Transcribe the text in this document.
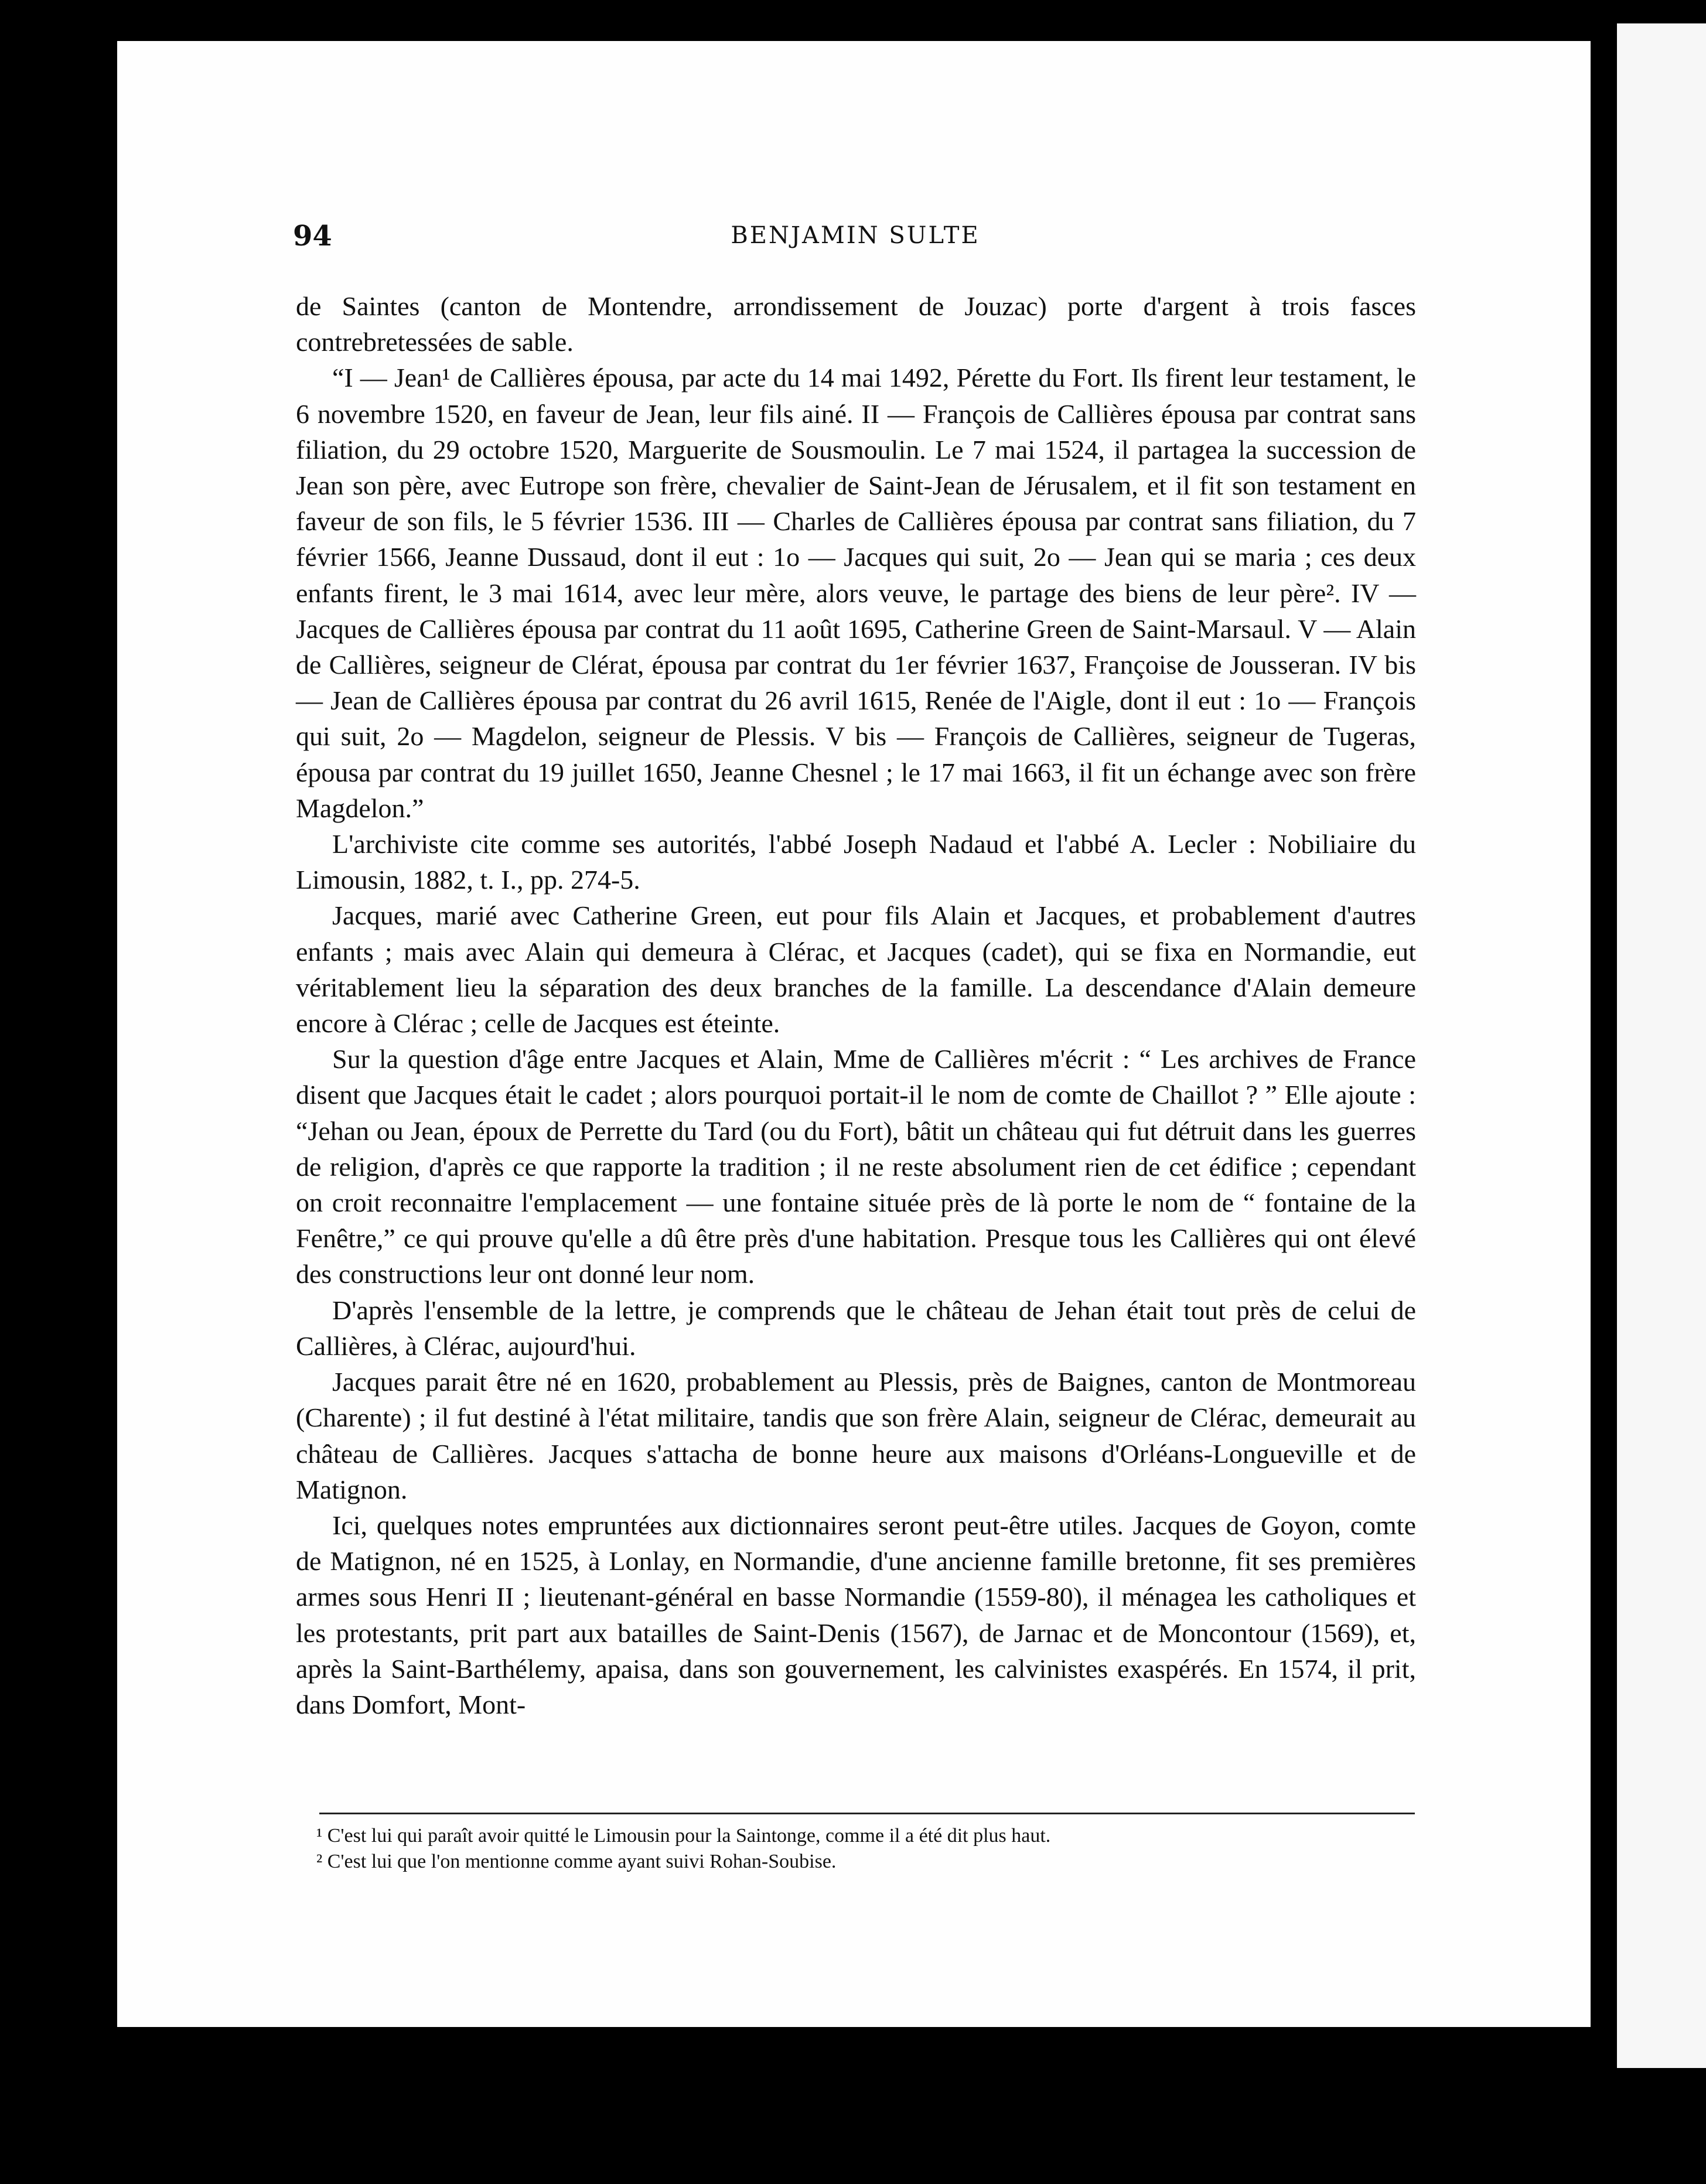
94	BENJAMIN SULTE

de Saintes (canton de Montendre, arrondissement de Jouzac) porte d'argent à trois fasces contrebretessées de sable.

“I — Jean¹ de Callières épousa, par acte du 14 mai 1492, Pérette du Fort. Ils firent leur testament, le 6 novembre 1520, en faveur de Jean, leur fils ainé. II — François de Callières épousa par contrat sans filiation, du 29 octobre 1520, Marguerite de Sousmoulin. Le 7 mai 1524, il partagea la succession de Jean son père, avec Eutrope son frère, chevalier de Saint-Jean de Jérusalem, et il fit son testament en faveur de son fils, le 5 février 1536. III — Charles de Callières épousa par contrat sans filiation, du 7 février 1566, Jeanne Dussaud, dont il eut : 1o — Jacques qui suit, 2o — Jean qui se maria ; ces deux enfants firent, le 3 mai 1614, avec leur mère, alors veuve, le partage des biens de leur père². IV — Jacques de Callières épousa par contrat du 11 août 1695, Catherine Green de Saint-Marsaul. V — Alain de Callières, seigneur de Clérat, épousa par contrat du 1er février 1637, Françoise de Jousseran. IV bis — Jean de Callières épousa par contrat du 26 avril 1615, Renée de l'Aigle, dont il eut : 1o — François qui suit, 2o — Magdelon, seigneur de Plessis. V bis — François de Callières, seigneur de Tugeras, épousa par contrat du 19 juillet 1650, Jeanne Chesnel ; le 17 mai 1663, il fit un échange avec son frère Magdelon.”

L'archiviste cite comme ses autorités, l'abbé Joseph Nadaud et l'abbé A. Lecler : Nobiliaire du Limousin, 1882, t. I., pp. 274-5.

Jacques, marié avec Catherine Green, eut pour fils Alain et Jacques, et probablement d'autres enfants ; mais avec Alain qui demeura à Clérac, et Jacques (cadet), qui se fixa en Normandie, eut véritablement lieu la séparation des deux branches de la famille. La descendance d'Alain demeure encore à Clérac ; celle de Jacques est éteinte.

Sur la question d'âge entre Jacques et Alain, Mme de Callières m'écrit : “ Les archives de France disent que Jacques était le cadet ; alors pourquoi portait-il le nom de comte de Chaillot ? ” Elle ajoute : “Jehan ou Jean, époux de Perrette du Tard (ou du Fort), bâtit un château qui fut détruit dans les guerres de religion, d'après ce que rapporte la tradition ; il ne reste absolument rien de cet édifice ; cependant on croit reconnaitre l'emplacement — une fontaine située près de là porte le nom de “ fontaine de la Fenêtre,” ce qui prouve qu'elle a dû être près d'une habitation. Presque tous les Callières qui ont élevé des constructions leur ont donné leur nom.

D'après l'ensemble de la lettre, je comprends que le château de Jehan était tout près de celui de Callières, à Clérac, aujourd'hui.

Jacques parait être né en 1620, probablement au Plessis, près de Baignes, canton de Montmoreau (Charente) ; il fut destiné à l'état militaire, tandis que son frère Alain, seigneur de Clérac, demeurait au château de Callières. Jacques s'attacha de bonne heure aux maisons d'Orléans-Longueville et de Matignon.

Ici, quelques notes empruntées aux dictionnaires seront peut-être utiles. Jacques de Goyon, comte de Matignon, né en 1525, à Lonlay, en Normandie, d'une ancienne famille bretonne, fit ses premières armes sous Henri II ; lieutenant-général en basse Normandie (1559-80), il ménagea les catholiques et les protestants, prit part aux batailles de Saint-Denis (1567), de Jarnac et de Moncontour (1569), et, après la Saint-Barthélemy, apaisa, dans son gouvernement, les calvinistes exaspérés. En 1574, il prit, dans Domfort, Mont-

¹ C'est lui qui paraît avoir quitté le Limousin pour la Saintonge, comme il a été dit plus haut.

² C'est lui que l'on mentionne comme ayant suivi Rohan-Soubise.
